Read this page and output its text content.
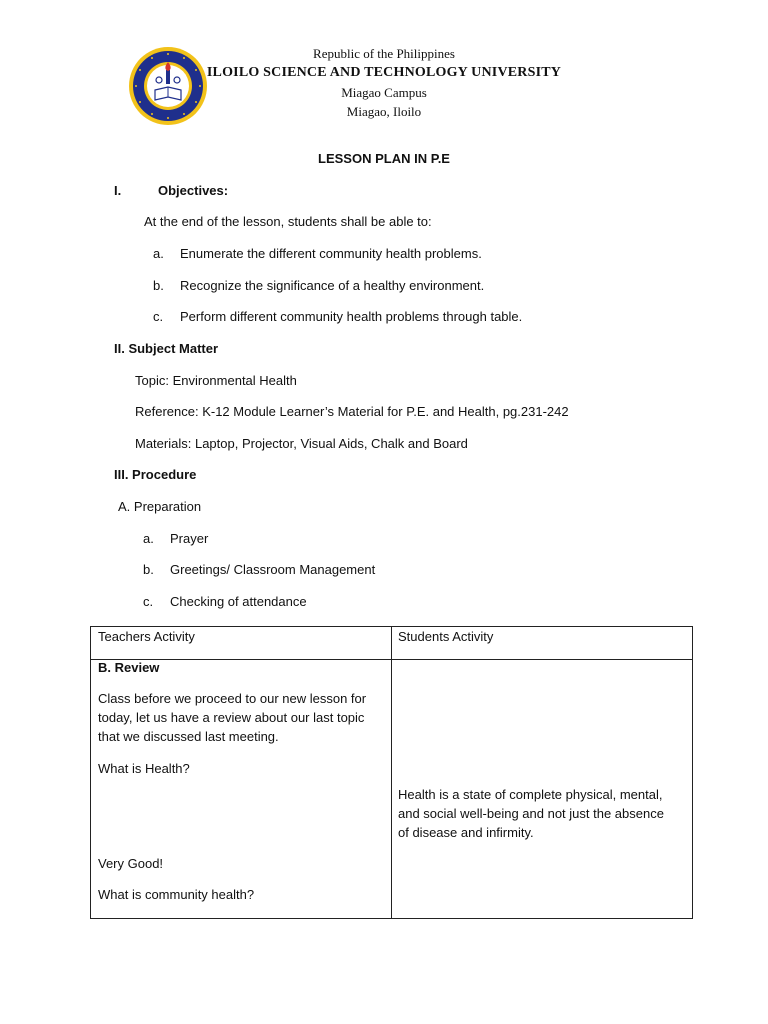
Republic of the Philippines
ILOILO SCIENCE AND TECHNOLOGY UNIVERSITY
Miagao Campus
Miagao, Iloilo
LESSON PLAN IN P.E
I.	Objectives:
At the end of the lesson, students shall be able to:
a. Enumerate the different community health problems.
b. Recognize the significance of a healthy environment.
c. Perform different community health problems through table.
II. Subject Matter
Topic: Environmental Health
Reference: K-12 Module Learner’s Material for P.E. and Health, pg.231-242
Materials: Laptop, Projector, Visual Aids, Chalk and Board
III. Procedure
A. Preparation
a. Prayer
b. Greetings/ Classroom Management
c. Checking of attendance
Teachers Activity	Students Activity
B. Review
Class before we proceed to our new lesson for
today, let us have a review about our last topic
that we discussed last meeting.
What is Health?
Health is a state of complete physical, mental,
and social well-being and not just the absence
of disease and infirmity.
Very Good!
What is community health?
